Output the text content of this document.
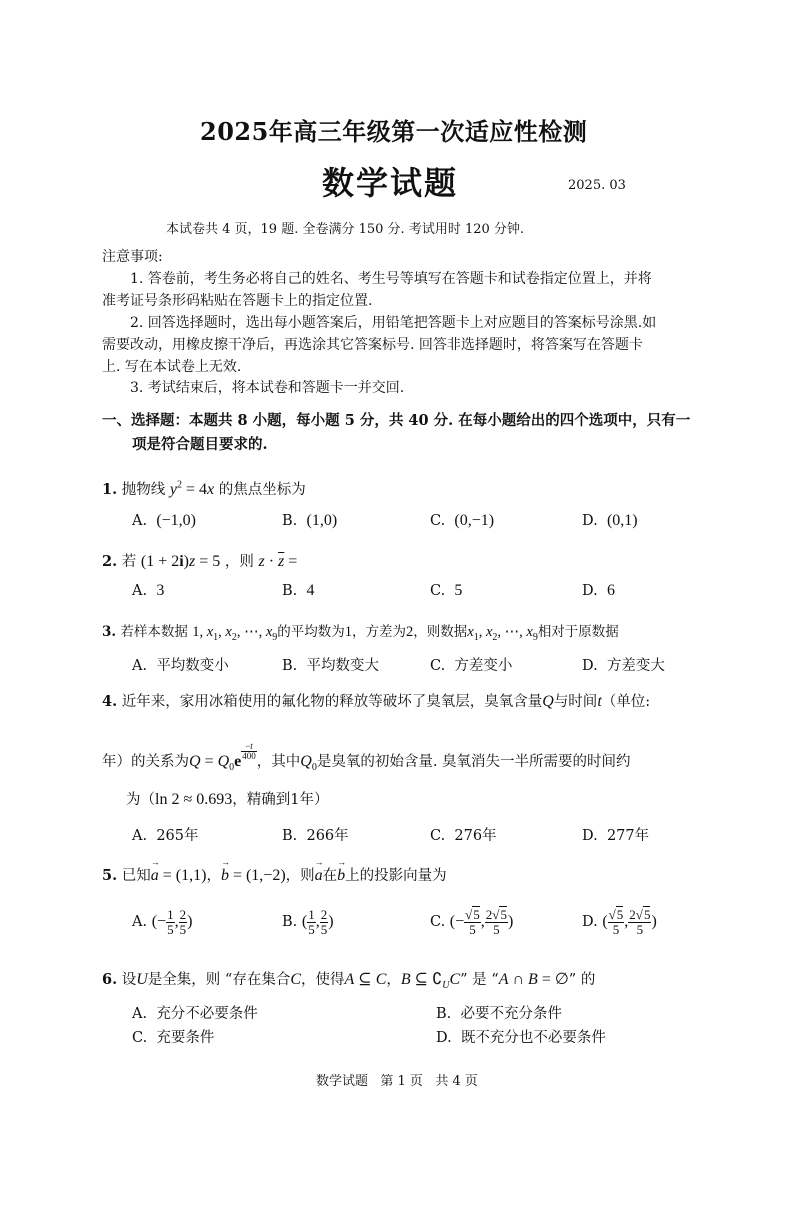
2025年高三年级第一次适应性检测
数学试题	2025. 03
本试卷共 4 页，19 题. 全卷满分 150 分. 考试用时 120 分钟.
注意事项:
1. 答卷前，考生务必将自己的姓名、考生号等填写在答题卡和试卷指定位置上，并将
准考证号条形码粘贴在答题卡上的指定位置.
2. 回答选择题时，选出每小题答案后，用铅笔把答题卡上对应题目的答案标号涂黑.如
需要改动，用橡皮擦干净后，再选涂其它答案标号. 回答非选择题时，将答案写在答题卡
上. 写在本试卷上无效.
3. 考试结束后，将本试卷和答题卡一并交回.
一、选择题：本题共 8 小题，每小题 5 分，共 40 分. 在每小题给出的四个选项中，只有一
项是符合题目要求的.
1. 抛物线 $y^2 = 4x$ 的焦点坐标为
A. (−1,0)	B. (1,0)	C. (0,−1)	D. (0,1)
2. 若 (1 + 2i)z = 5 ，则 $z \cdot \overline{z}$ =
A. 3	B. 4	C. 5	D. 6
3. 若样本数据 1, $x_1$, $x_2$, ⋯, $x_9$的平均数为1，方差为2，则数据$x_1$, $x_2$, ⋯, $x_9$相对于原数据
A. 平均数变小	B. 平均数变大	C. 方差变小	D. 方差变大
4. 近年来，家用冰箱使用的氟化物的释放等破坏了臭氧层，臭氧含量Q与时间t（单位:
年）的关系为$Q = Q_0e$
$^{\frac{-t}{400}}$
，其中$Q_0$是臭氧的初始含量. 臭氧消失一半所需要的时间约
为（ln 2 ≈ 0.693，精确到1年）
A. 265年	B. 266年	C. 276年	D. 277年
5. 已知→ a = (1,1)，→ b = (1,−2)，则→ a在→ b上的投影向量为
A. (− $\frac{1}{5}$ , $\frac{2}{5}$ )	B. ( $\frac{1}{5}$ , $\frac{2}{5}$ )	C. (− $\frac{√5}{5}$ , $\frac{2√5}{5}$ )	D. ( $\frac{√5}{5}$ , $\frac{2√5}{5}$ )
6. 设U是全集，则 “存在集合C，使得A ⊆ C，B ⊆ $∁_UC$” 是 “A ∩ B = ∅” 的
A. 充分不必要条件	B. 必要不充分条件
C. 充要条件	D. 既不充分也不必要条件
数学试题   第 1 页   共 4 页
